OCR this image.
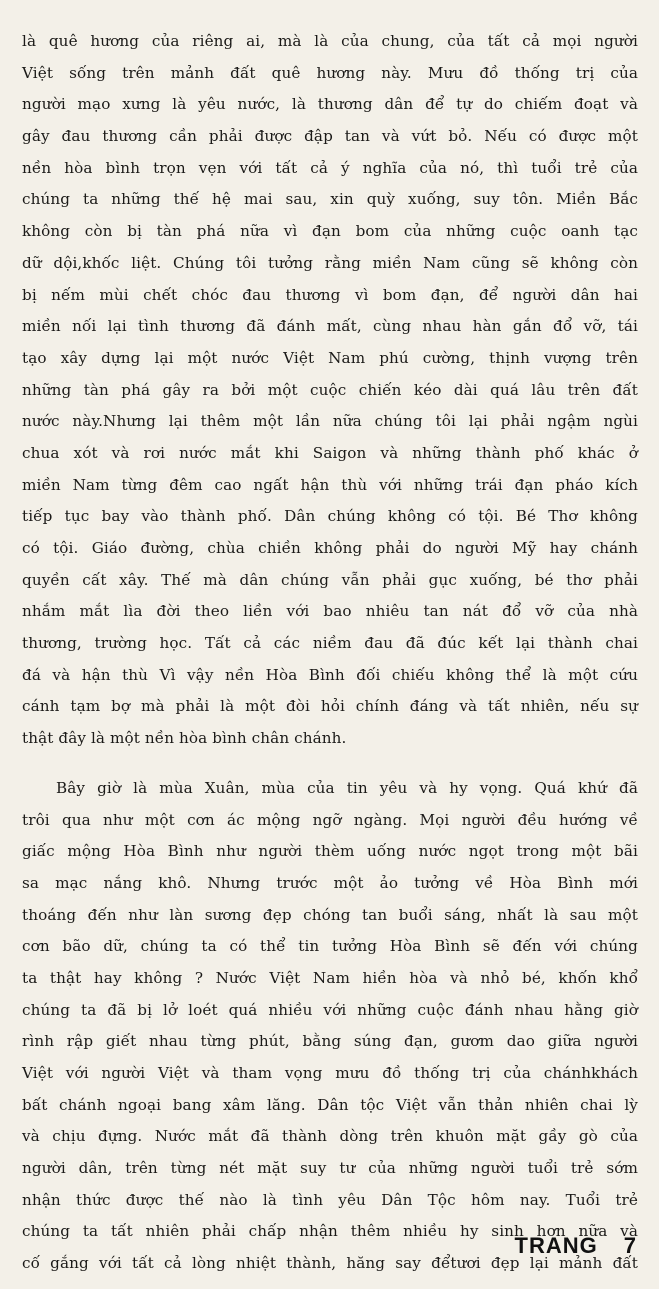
là quê hương của riêng ai, mà là của chung, của tất cả mọi người
Việt sống trên mảnh đất quê hương này. Mưu đồ thống trị của
người mạo xưng là yêu nước, là thương dân để tự do chiếm đoạt và
gây đau thương cần phải được đập tan và vứt bỏ. Nếu có được một
nền hòa bình trọn vẹn với tất cả ý nghĩa của nó, thì tuổi trẻ của
chúng ta những thế hệ mai sau, xin quỳ xuống, suy tôn. Miền Bắc
không còn bị tàn phá nữa vì đạn bom của những cuộc oanh tạc
dữ dội,khốc liệt. Chúng tôi tưởng rằng miền Nam cũng sẽ không còn
bị nếm mùi chết chóc đau thương vì bom đạn, để người dân hai
miền nối lại tình thương đã đánh mất, cùng nhau hàn gắn đổ vỡ, tái
tạo xây dựng lại một nước Việt Nam phú cường, thịnh vượng trên
những tàn phá gây ra bởi một cuộc chiến kéo dài quá lâu trên đất
nước này.Nhưng lại thêm một lần nữa chúng tôi lại phải ngậm ngùi
chua xót và rơi nước mắt khi Saigon và những thành phố khác ở
miền Nam từng đêm cao ngất hận thù với những trái đạn pháo kích
tiếp tục bay vào thành phố. Dân chúng không có tội. Bé Thơ không
có tội. Giáo đường, chùa chiền không phải do người Mỹ hay chánh
quyền cất xây. Thế mà dân chúng vẫn phải gục xuống, bé thơ phải
nhắm mắt lìa đời theo liền với bao nhiêu tan nát đổ vỡ của nhà
thương, trường học. Tất cả các niềm đau đã đúc kết lại thành chai
đá và hận thù Vì vậy nền Hòa Bình đối chiếu không thể là một cứu
cánh tạm bợ mà phải là một đòi hỏi chính đáng và tất nhiên, nếu sự
thật đây là một nền hòa bình chân chánh.
Bây giờ là mùa Xuân, mùa của tin yêu và hy vọng. Quá khứ đã
trôi qua như một cơn ác mộng ngỡ ngàng. Mọi người đều hướng về
giấc mộng Hòa Bình như người thèm uống nước ngọt trong một bãi
sa mạc nắng khô. Nhưng trước một ảo tưởng về Hòa Bình mới
thoáng đến như làn sương đẹp chóng tan buổi sáng, nhất là sau một
cơn bão dữ, chúng ta có thể tin tưởng Hòa Bình sẽ đến với chúng
ta thật hay không ? Nước Việt Nam hiền hòa và nhỏ bé, khốn khổ
chúng ta đã bị lở loét quá nhiều với những cuộc đánh nhau hằng giờ
rình rập giết nhau từng phút, bằng súng đạn, gươm dao giữa người
Việt với người Việt và tham vọng mưu đồ thống trị của chánhkhách
bất chánh ngoại bang xâm lăng. Dân tộc Việt vẫn thản nhiên chai lỳ
và chịu đựng. Nước mắt đã thành dòng trên khuôn mặt gầy gò của
người dân, trên từng nét mặt suy tư của những người tuổi trẻ sớm
nhận thức được thế nào là tình yêu Dân Tộc hôm nay. Tuổi trẻ
chúng ta tất nhiên phải chấp nhận thêm nhiều hy sinh hơn nữa và
cố gắng với tất cả lòng nhiệt thành, hăng say đểtươi đẹp lại mảnh đất
TRANG 7
